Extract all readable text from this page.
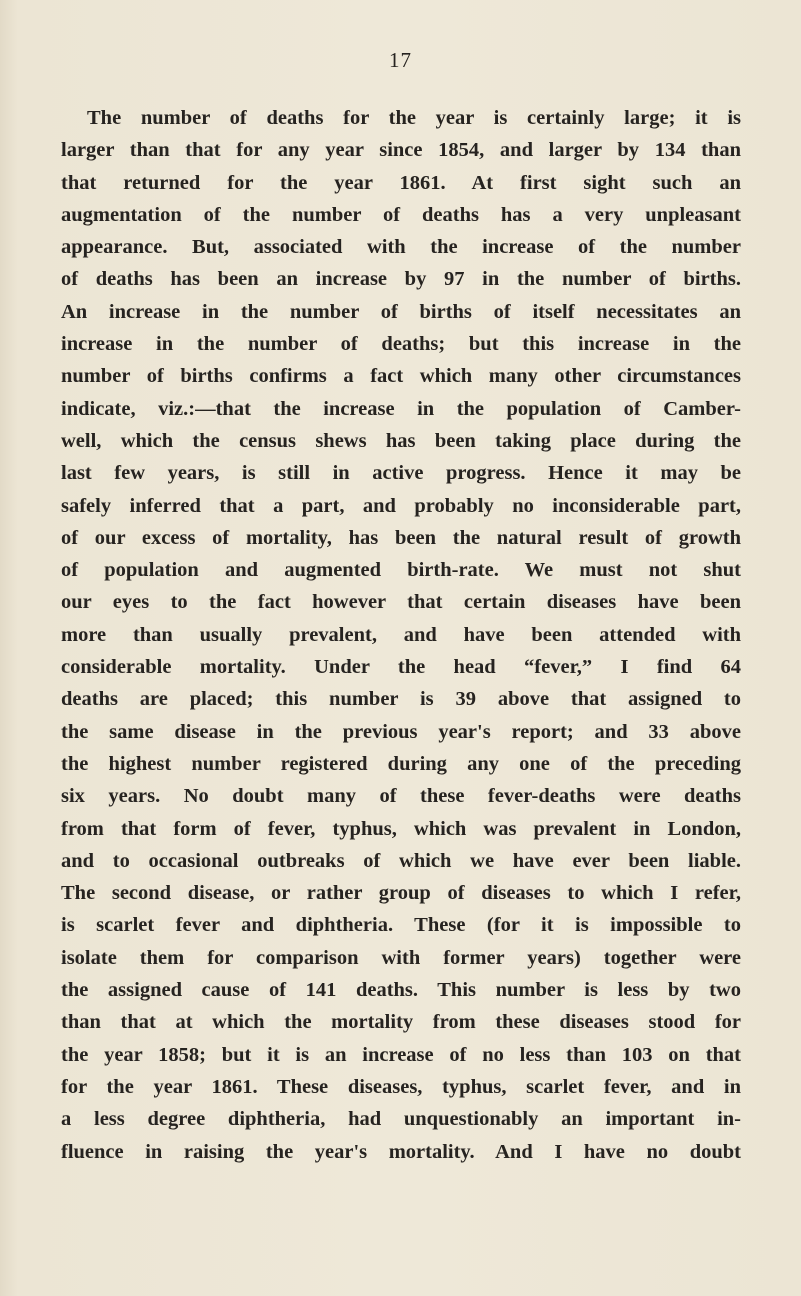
17
The number of deaths for the year is certainly large; it is
larger than that for any year since 1854, and larger by 134 than
that returned for the year 1861. At first sight such an
augmentation of the number of deaths has a very unpleasant
appearance. But, associated with the increase of the number
of deaths has been an increase by 97 in the number of births.
An increase in the number of births of itself necessitates an
increase in the number of deaths; but this increase in the
number of births confirms a fact which many other circumstances
indicate, viz.:—that the increase in the population of Camber-
well, which the census shews has been taking place during the
last few years, is still in active progress. Hence it may be
safely inferred that a part, and probably no inconsiderable part,
of our excess of mortality, has been the natural result of growth
of population and augmented birth-rate. We must not shut
our eyes to the fact however that certain diseases have been
more than usually prevalent, and have been attended with
considerable mortality. Under the head “fever,” I find 64
deaths are placed; this number is 39 above that assigned to
the same disease in the previous year's report; and 33 above
the highest number registered during any one of the preceding
six years. No doubt many of these fever-deaths were deaths
from that form of fever, typhus, which was prevalent in London,
and to occasional outbreaks of which we have ever been liable.
The second disease, or rather group of diseases to which I refer,
is scarlet fever and diphtheria. These (for it is impossible to
isolate them for comparison with former years) together were
the assigned cause of 141 deaths. This number is less by two
than that at which the mortality from these diseases stood for
the year 1858; but it is an increase of no less than 103 on that
for the year 1861. These diseases, typhus, scarlet fever, and in
a less degree diphtheria, had unquestionably an important in-
fluence in raising the year's mortality. And I have no doubt
